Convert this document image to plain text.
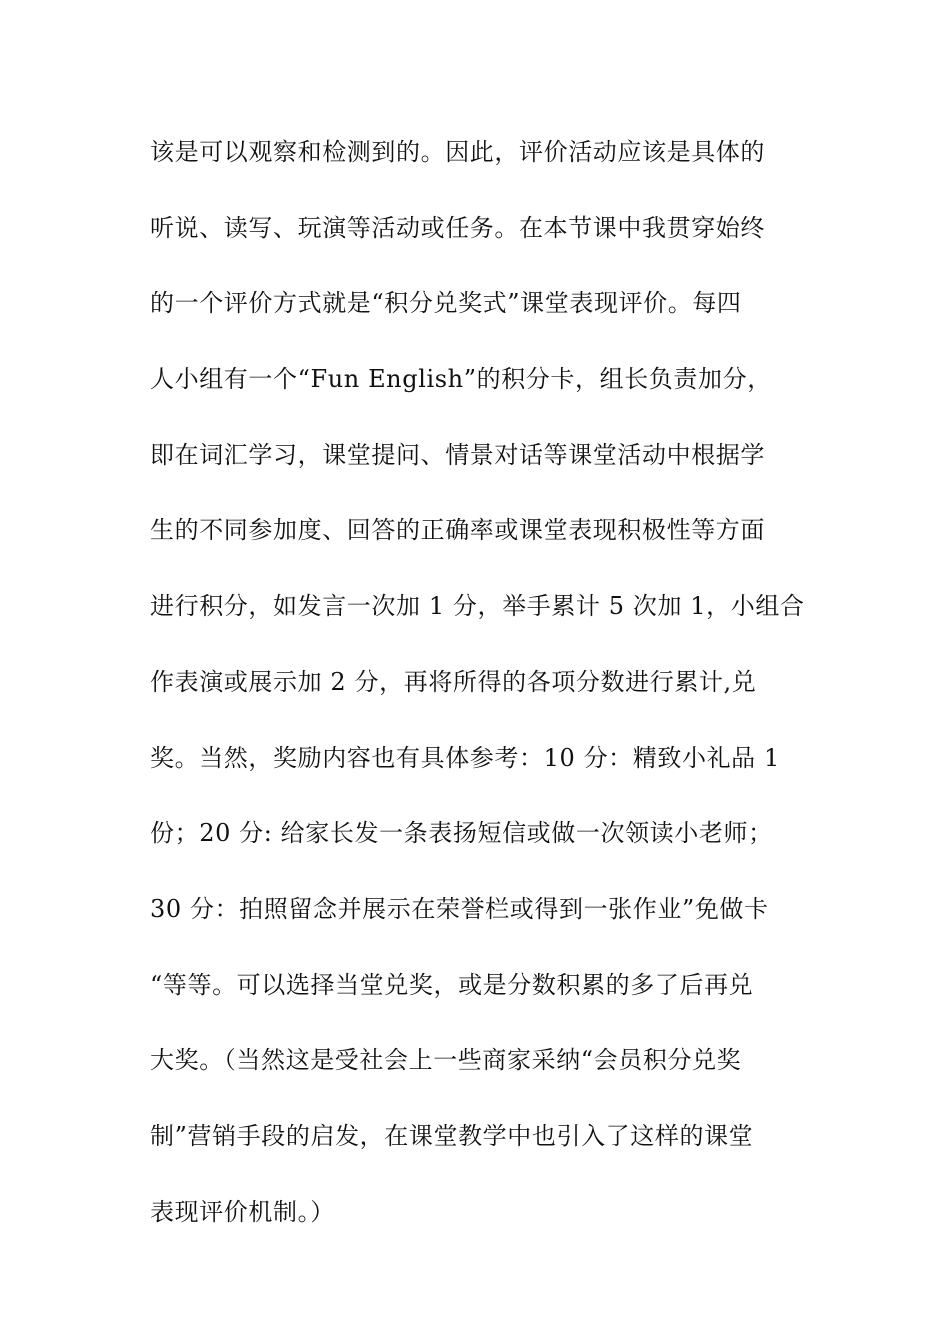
该是可以观察和检测到的。因此，评价活动应该是具体的
听说、读写、玩演等活动或任务。在本节课中我贯穿始终
的一个评价方式就是“积分兑奖式”课堂表现评价。每四
人小组有一个“Fun English”的积分卡，组长负责加分，
即在词汇学习，课堂提问、情景对话等课堂活动中根据学
生的不同参加度、回答的正确率或课堂表现积极性等方面
进行积分，如发言一次加 1 分，举手累计 5 次加 1，小组合
作表演或展示加 2 分，再将所得的各项分数进行累计,兑
奖。当然，奖励内容也有具体参考：10 分：精致小礼品 1
份；20 分: 给家长发一条表扬短信或做一次领读小老师；
30 分：拍照留念并展示在荣誉栏或得到一张作业”免做卡
“等等。可以选择当堂兑奖，或是分数积累的多了后再兑
大奖。（当然这是受社会上一些商家采纳“会员积分兑奖
制”营销手段的启发，在课堂教学中也引入了这样的课堂
表现评价机制。）
